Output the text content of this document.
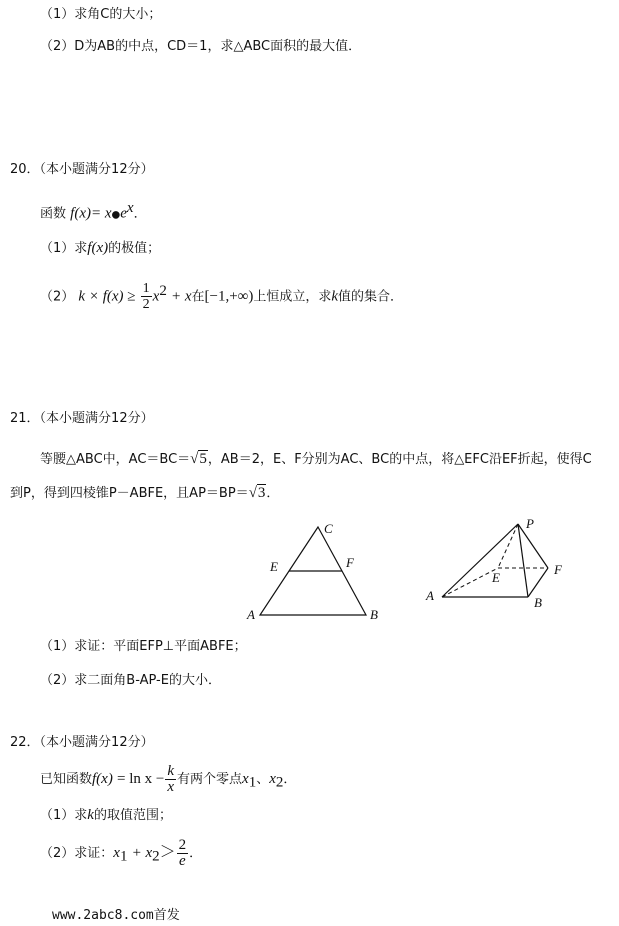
（1）求角C的大小；
（2）D为AB的中点，CD＝1，求△ABC面积的最大值．
20．（本小题满分12分）
函数 $f(x)= x●e^x$．
（1）求f(x)的极值；
（2） $k \times f(x) \ge \frac{1}{2} x^2 + x$在[−1,+∞)上恒成立，求k值的集合．
21．（本小题满分12分）
等腰△ABC中，AC＝BC＝√5，AB＝2，E、F分别为AC、BC的中点，将△EFC沿EF折起，使得C
到P，得到四棱锥P－ABFE，且AP＝BP＝√3．
C
E	F
A	B
P
E
F
A	B
（1）求证：平面EFP⊥平面ABFE；
（2）求二面角B-AP-E的大小．
22．（本小题满分12分）
已知函数$f(x) = \ln x - \frac{k}{x}$ 有两个零点$x_1$、$x_2$．
（1）求k的取值范围；
（2）求证：$x_1 + x_2> \frac{2}{e}$ ．
www.2abc8.com首发
